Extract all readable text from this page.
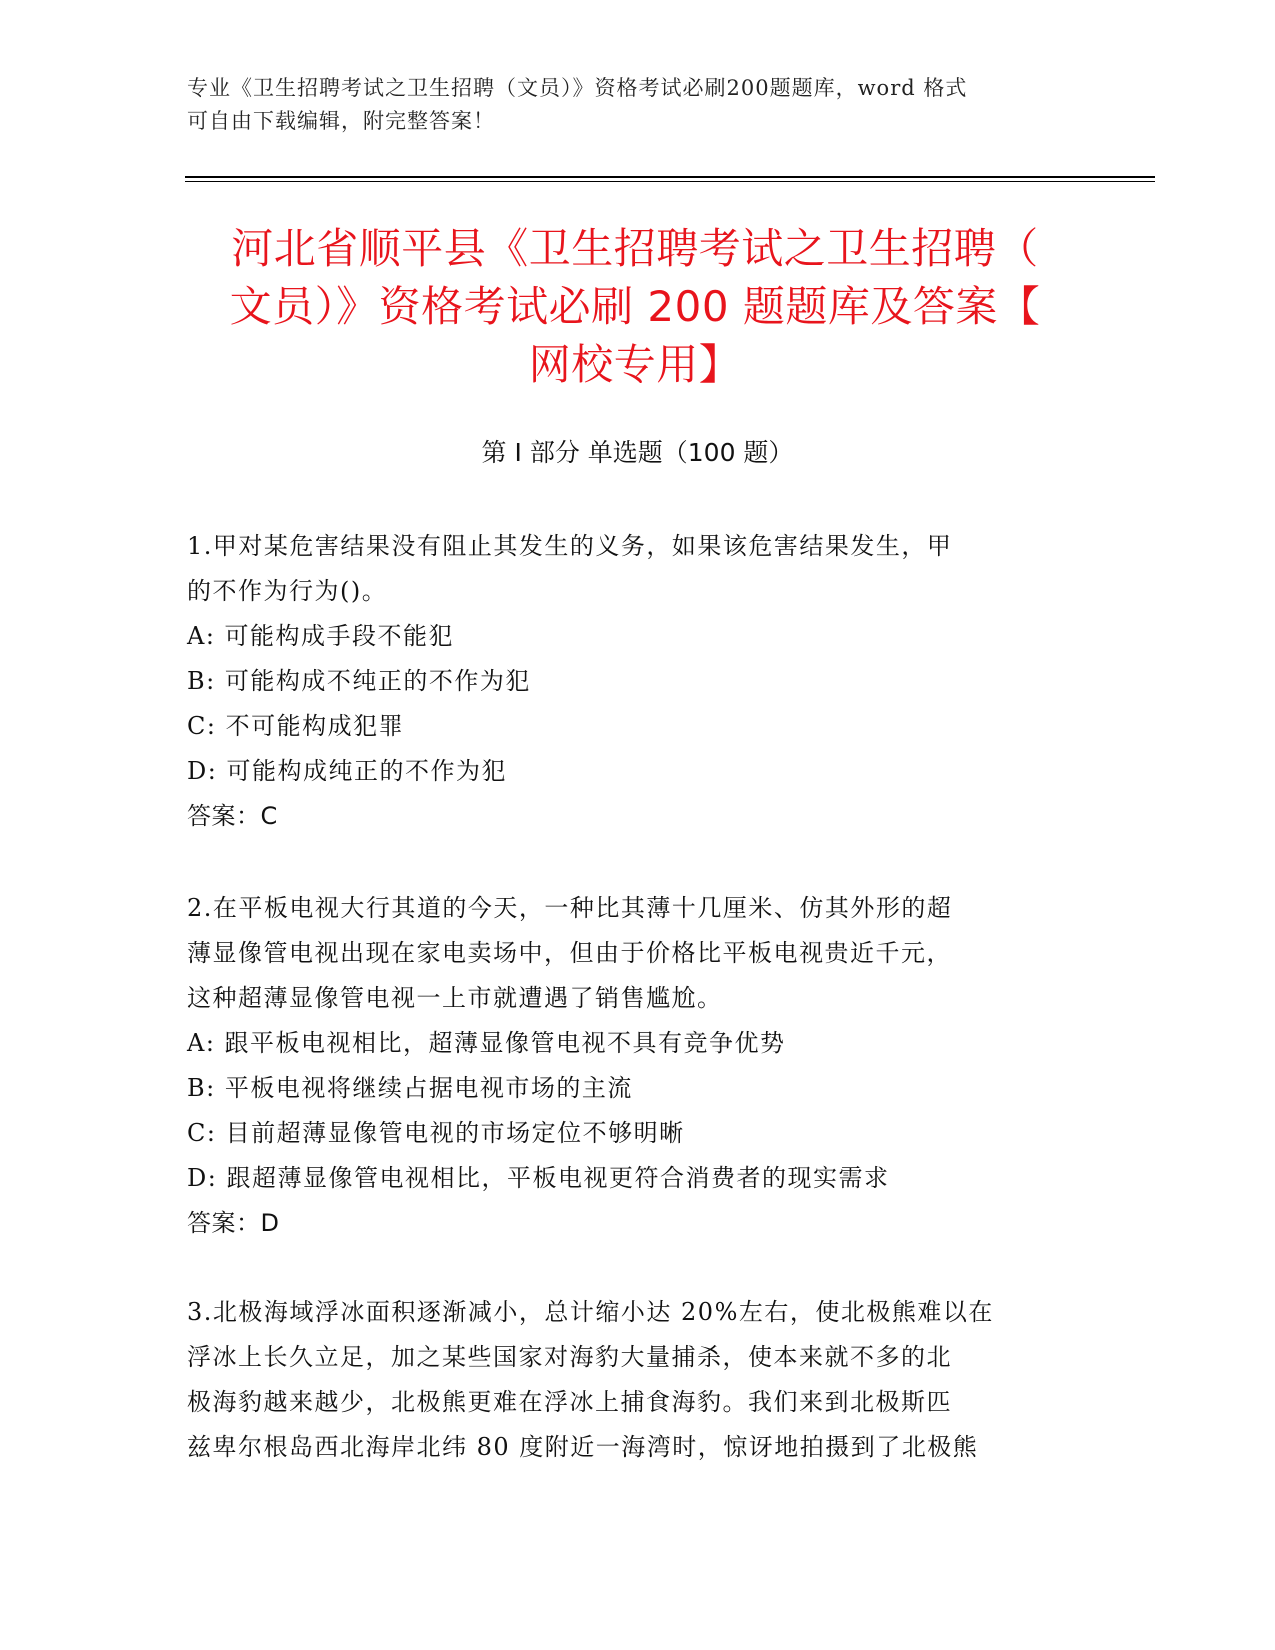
专业《卫生招聘考试之卫生招聘（文员）》资格考试必刷200题题库，word 格式
可自由下载编辑，附完整答案！
河北省顺平县《卫生招聘考试之卫生招聘（
文员）》资格考试必刷 200 题题库及答案【
网校专用】
第 I 部分 单选题（100 题）
1.甲对某危害结果没有阻止其发生的义务，如果该危害结果发生，甲
的不作为行为()。
A: 可能构成手段不能犯
B: 可能构成不纯正的不作为犯
C: 不可能构成犯罪
D: 可能构成纯正的不作为犯
答案：C
2.在平板电视大行其道的今天，一种比其薄十几厘米、仿其外形的超
薄显像管电视出现在家电卖场中，但由于价格比平板电视贵近千元，
这种超薄显像管电视一上市就遭遇了销售尴尬。
A: 跟平板电视相比，超薄显像管电视不具有竞争优势
B: 平板电视将继续占据电视市场的主流
C: 目前超薄显像管电视的市场定位不够明晰
D: 跟超薄显像管电视相比，平板电视更符合消费者的现实需求
答案：D
3.北极海域浮冰面积逐渐减小，总计缩小达 20%左右，使北极熊难以在
浮冰上长久立足，加之某些国家对海豹大量捕杀，使本来就不多的北
极海豹越来越少，北极熊更难在浮冰上捕食海豹。我们来到北极斯匹
兹卑尔根岛西北海岸北纬 80 度附近一海湾时，惊讶地拍摄到了北极熊
